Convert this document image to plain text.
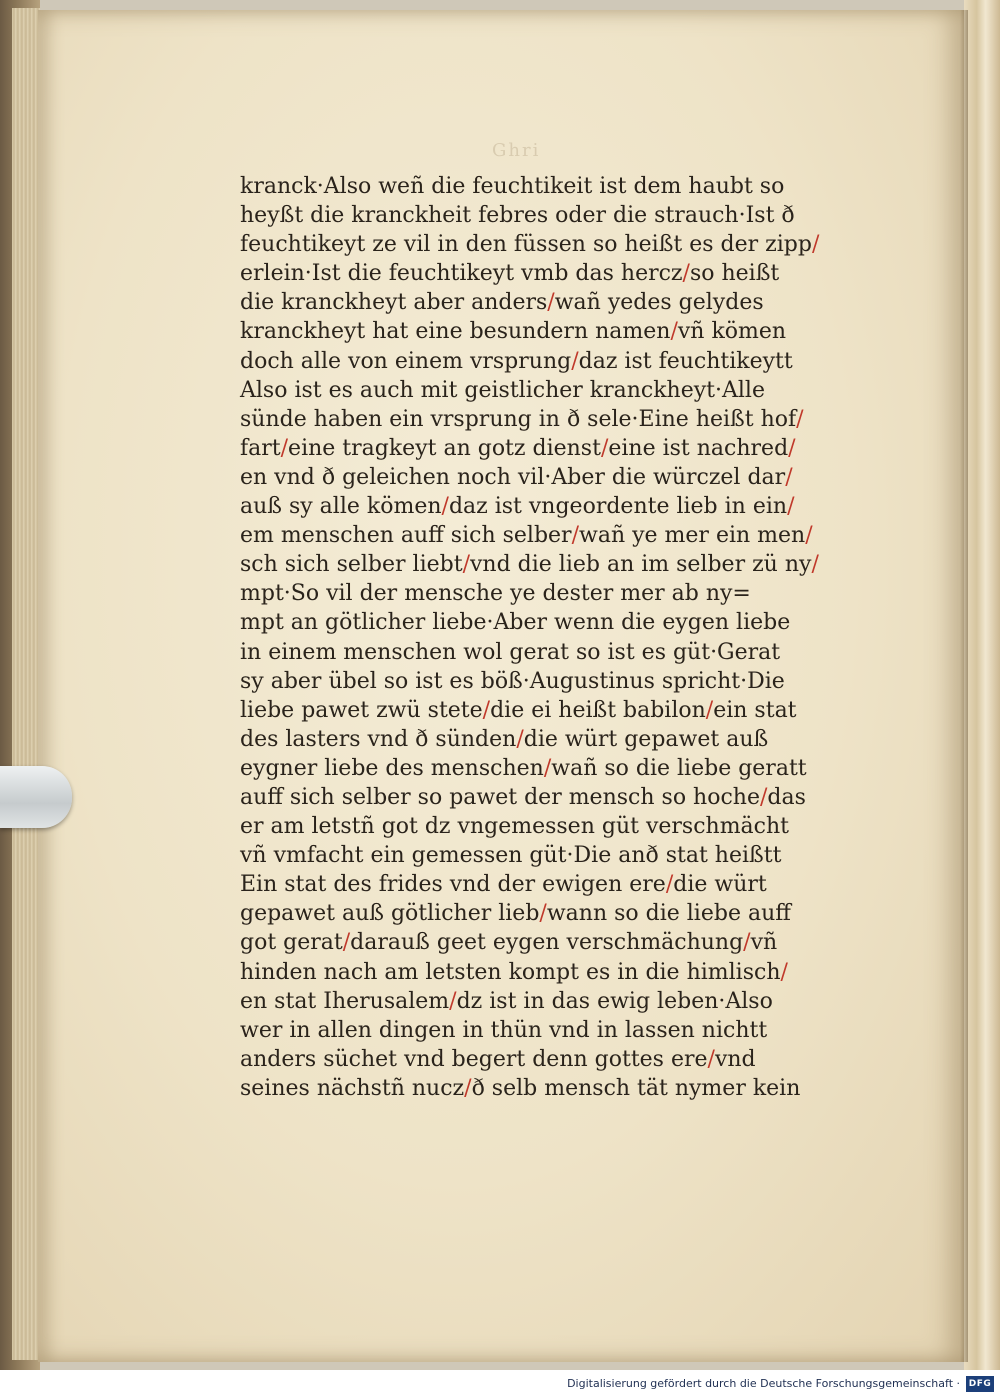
Ghri
kranck·Also weñ die feuchtikeit ist dem haubt so
heyßt die kranckheit febres oder die strauch·Ist ð
feuchtikeyt ze vil in den füssen so heißt es der zipp/
erlein·Ist die feuchtikeyt vmb das hercz/so heißt
die kranckheyt aber anders/wañ yedes gelydes
kranckheyt hat eine besundern namen/vñ kömen
doch alle von einem vrsprung/daz ist feuchtikeytt
Also ist es auch mit geistlicher kranckheyt·Alle
sünde haben ein vrsprung in ð sele·Eine heißt hof/
fart/eine tragkeyt an gotz dienst/eine ist nachred/
en vnd ð geleichen noch vil·Aber die würczel dar/
auß sy alle kömen/daz ist vngeordente lieb in ein/
em menschen auff sich selber/wañ ye mer ein men/
sch sich selber liebt/vnd die lieb an im selber zü ny/
mpt·So vil der mensche ye dester mer ab ny=
mpt an götlicher liebe·Aber wenn die eygen liebe
in einem menschen wol gerat so ist es güt·Gerat
sy aber übel so ist es böß·Augustinus spricht·Die
liebe pawet zwü stete/die ei heißt babilon/ein stat
des lasters vnd ð sünden/die würt gepawet auß
eygner liebe des menschen/wañ so die liebe geratt
auff sich selber so pawet der mensch so hoche/das
er am letstñ got dz vngemessen güt verschmächt
vñ vmfacht ein gemessen güt·Die anð stat heißtt
Ein stat des frides vnd der ewigen ere/die würt
gepawet auß götlicher lieb/wann so die liebe auff
got gerat/darauß geet eygen verschmächung/vñ
hinden nach am letsten kompt es in die himlisch/
en stat Iherusalem/dz ist in das ewig leben·Also
wer in allen dingen in thün vnd in lassen nichtt
anders süchet vnd begert denn gottes ere/vnd
seines nächstñ nucz/ð selb mensch tät nymer kein
Digitalisierung gefördert durch die Deutsche Forschungsgemeinschaft · DFG
